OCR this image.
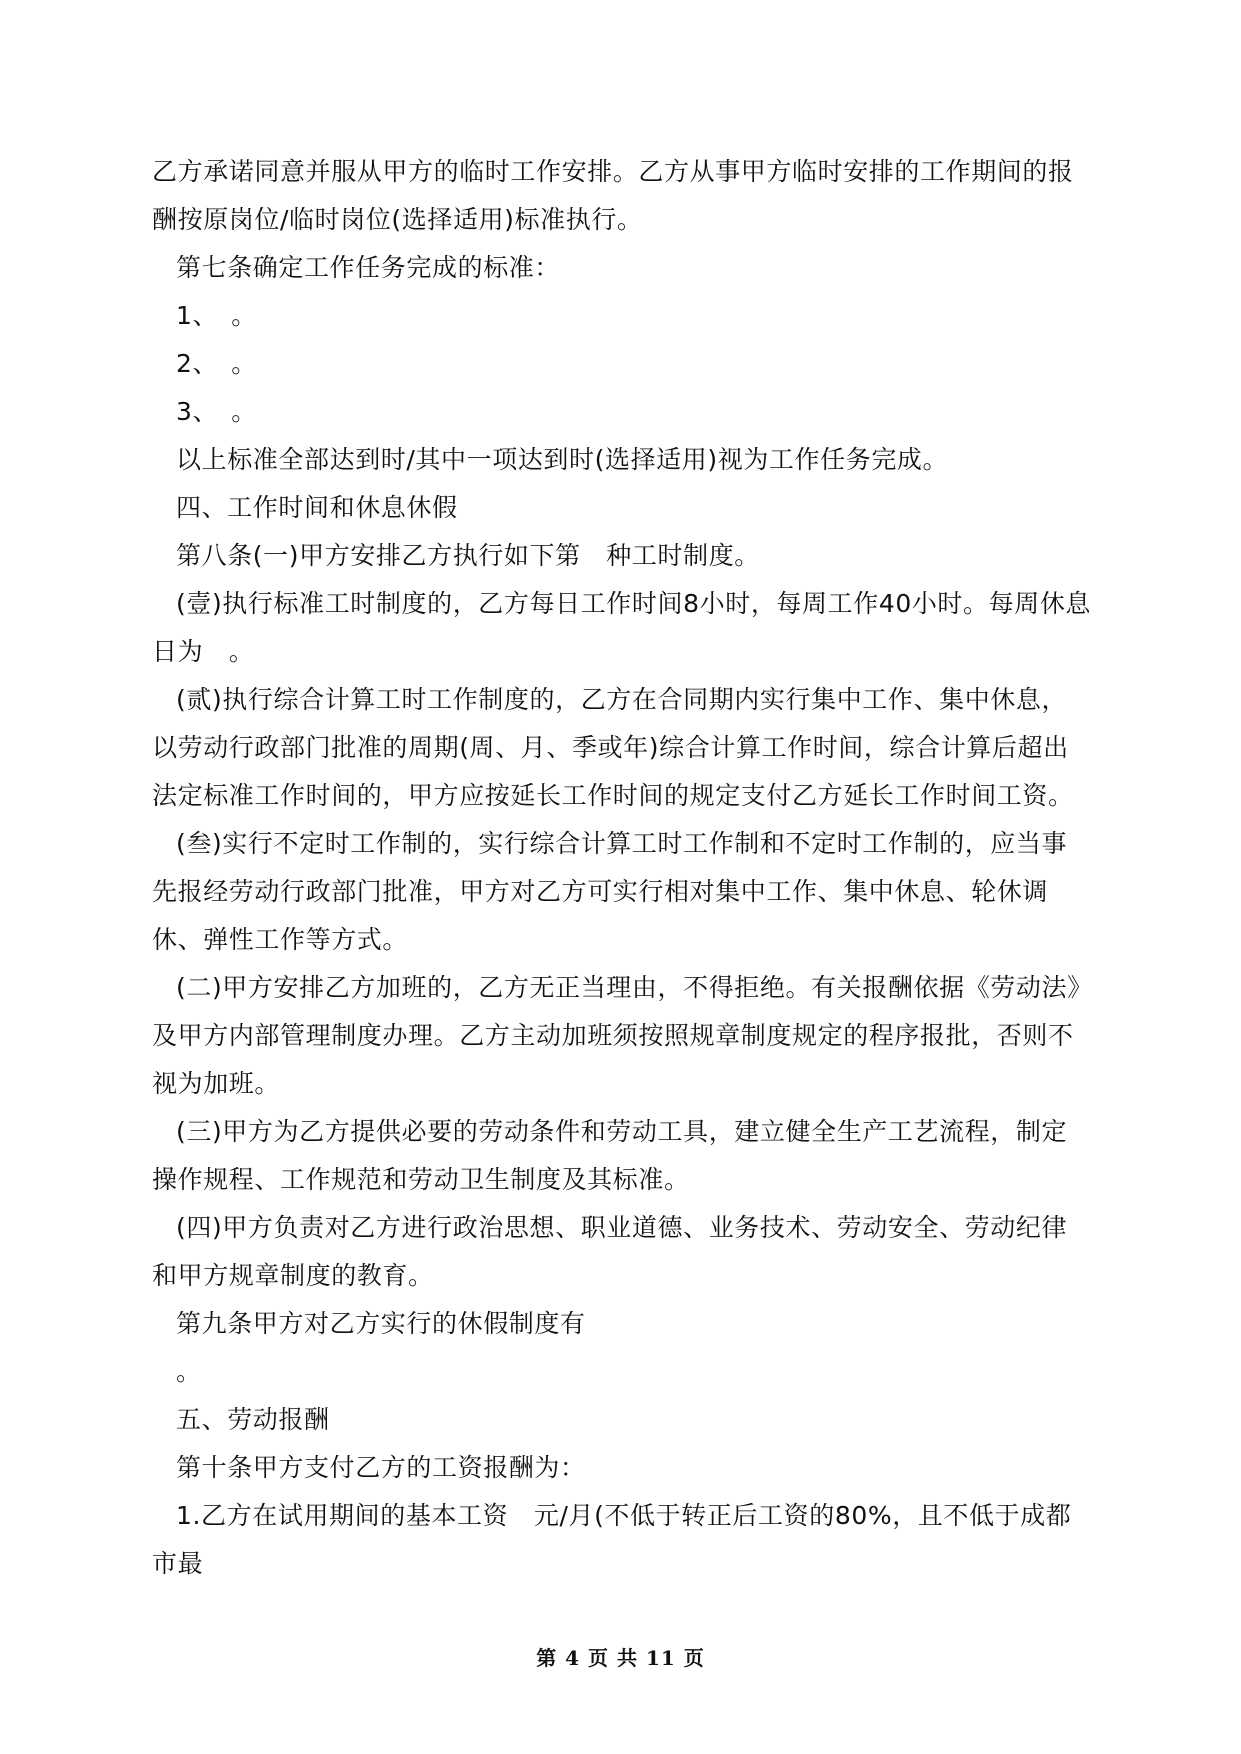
乙方承诺同意并服从甲方的临时工作安排。乙方从事甲方临时安排的工作期间的报酬按原岗位/临时岗位(选择适用)标准执行。

第七条确定工作任务完成的标准：

1、　。

2、　。

3、　。

以上标准全部达到时/其中一项达到时(选择适用)视为工作任务完成。

四、工作时间和休息休假

第八条(一)甲方安排乙方执行如下第　种工时制度。

(壹)执行标准工时制度的，乙方每日工作时间8小时，每周工作40小时。每周休息日为　。

(贰)执行综合计算工时工作制度的，乙方在合同期内实行集中工作、集中休息，以劳动行政部门批准的周期(周、月、季或年)综合计算工作时间，综合计算后超出法定标准工作时间的，甲方应按延长工作时间的规定支付乙方延长工作时间工资。

(叁)实行不定时工作制的，实行综合计算工时工作制和不定时工作制的，应当事先报经劳动行政部门批准，甲方对乙方可实行相对集中工作、集中休息、轮休调休、弹性工作等方式。

(二)甲方安排乙方加班的，乙方无正当理由，不得拒绝。有关报酬依据《劳动法》及甲方内部管理制度办理。乙方主动加班须按照规章制度规定的程序报批，否则不视为加班。

(三)甲方为乙方提供必要的劳动条件和劳动工具，建立健全生产工艺流程，制定操作规程、工作规范和劳动卫生制度及其标准。

(四)甲方负责对乙方进行政治思想、职业道德、业务技术、劳动安全、劳动纪律和甲方规章制度的教育。

第九条甲方对乙方实行的休假制度有

。

五、劳动报酬

第十条甲方支付乙方的工资报酬为：

1.乙方在试用期间的基本工资　元/月(不低于转正后工资的80%，且不低于成都市最

第 4 页 共 11 页
